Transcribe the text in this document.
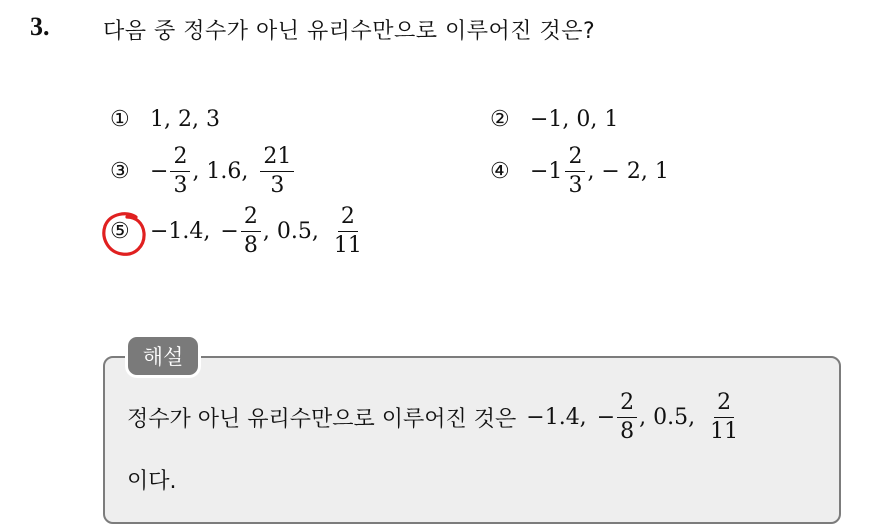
3. 다음 중 정수가 아닌 유리수만으로 이루어진 것은?
① 1, 2, 3	② −1, 0, 1
③ − $\frac{2}{3}$ , 1.6, $\frac{21}{3}$	④ $-1 \frac{2}{3}$ , − 2, 1
⑤ −1.4, − $\frac{2}{8}$ , 0.5, $\frac{2}{11}$
해설
정수가 아닌 유리수만으로 이루어진 것은 −1.4, − $\frac{2}{8}$ , 0.5, $\frac{2}{11}$
이다.
